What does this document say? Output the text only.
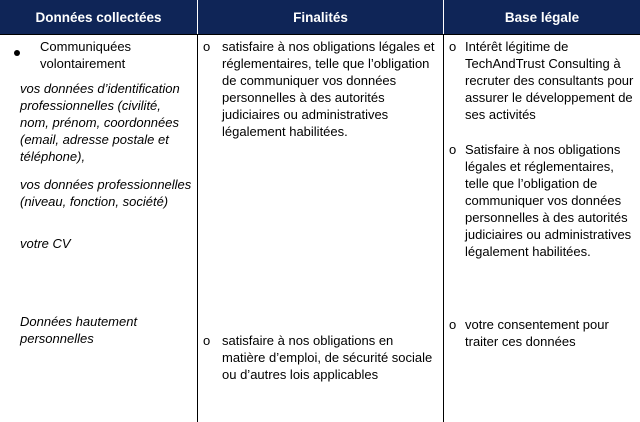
Données collectées	Finalités	Base légale
Communiquées volontairement
vos données d’identification professionnelles (civilité, nom, prénom, coordonnées (email, adresse postale et téléphone),
vos données professionnelles (niveau, fonction, société)
votre CV
Données hautement personnelles
o satisfaire à nos obligations légales et réglementaires, telle que l’obligation de communiquer vos données personnelles à des autorités judiciaires ou administratives légalement habilitées.
o satisfaire à nos obligations en matière d’emploi, de sécurité sociale ou d’autres lois applicables
o Intérêt légitime de TechAndTrust Consulting à recruter des consultants pour assurer le développement de ses activités
o Satisfaire à nos obligations légales et réglementaires, telle que l’obligation de communiquer vos données personnelles à des autorités judiciaires ou administratives légalement habilitées.
o votre consentement pour traiter ces données
